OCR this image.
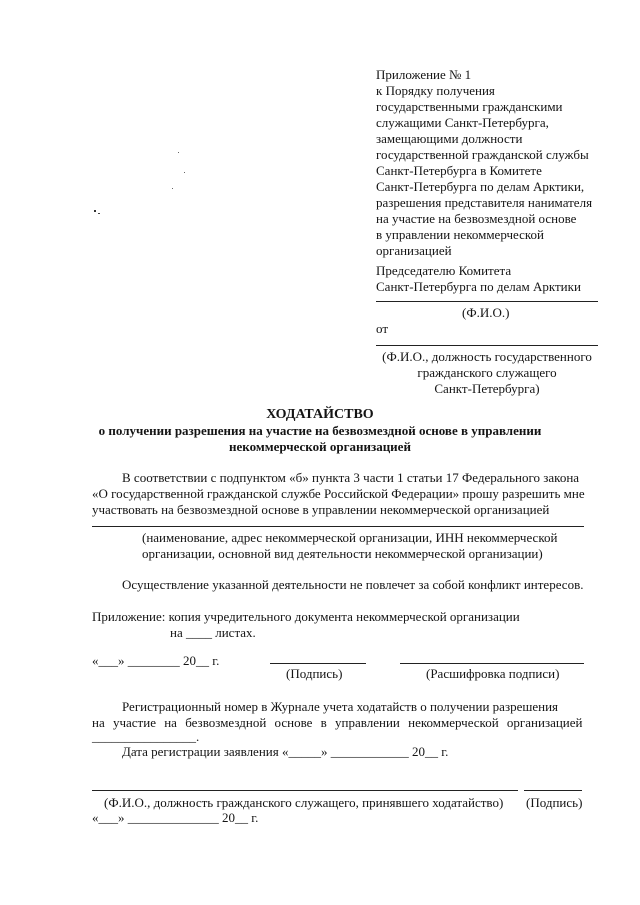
Приложение № 1
к Порядку получения
государственными гражданскими
служащими Санкт-Петербурга,
замещающими должности
государственной гражданской службы
Санкт-Петербурга в Комитете
Санкт-Петербурга по делам Арктики,
разрешения представителя нанимателя
на участие на безвозмездной основе
в управлении некоммерческой
организацией
Председателю Комитета
Санкт-Петербурга по делам Арктики
(Ф.И.О.)
от
(Ф.И.О., должность государственного
гражданского служащего
Санкт-Петербурга)
ХОДАТАЙСТВО
о получении разрешения на участие на безвозмездной основе в управлении
некоммерческой организацией
В соответствии с подпунктом «б» пункта 3 части 1 статьи 17 Федерального закона
«О государственной гражданской службе Российской Федерации» прошу разрешить мне
участвовать на безвозмездной основе в управлении некоммерческой организацией
(наименование, адрес некоммерческой организации, ИНН некоммерческой
организации, основной вид деятельности некоммерческой организации)
Осуществление указанной деятельности не повлечет за собой конфликт интересов.
Приложение: копия учредительного документа некоммерческой организации
на ____ листах.
«___» ________ 20__ г.
(Подпись)	(Расшифровка подписи)
Регистрационный номер в Журнале учета ходатайств о получении разрешения
на участие на безвозмездной основе в управлении некоммерческой организацией
________________.
Дата регистрации заявления «_____» ____________ 20__ г.
(Ф.И.О., должность гражданского служащего, принявшего ходатайство) (Подпись)
«___» ______________ 20__ г.
